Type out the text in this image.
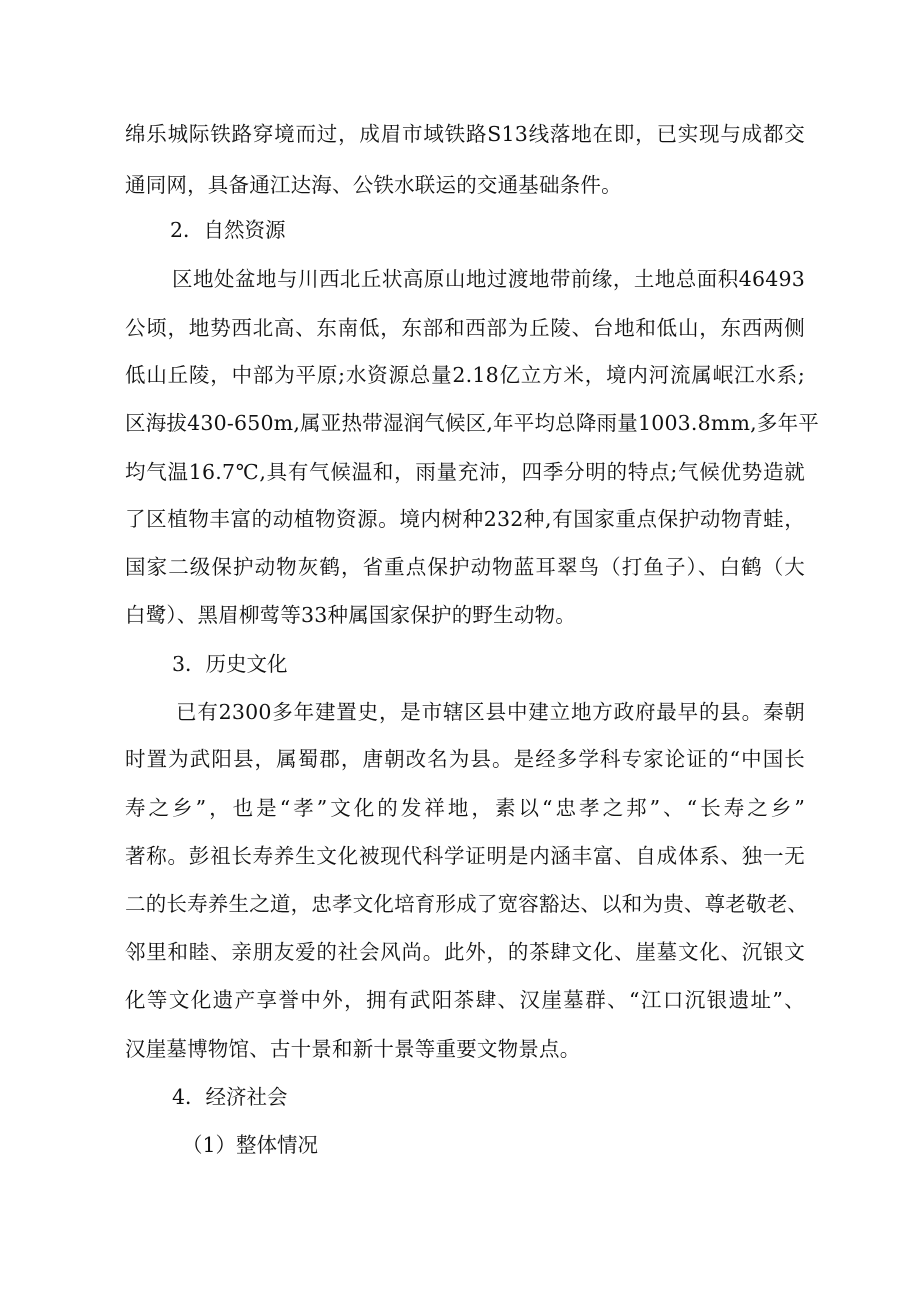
绵乐城际铁路穿境而过，成眉市域铁路S13线落地在即，已实现与成都交
通同网，具备通江达海、公铁水联运的交通基础条件。
2．自然资源
区地处盆地与川西北丘状高原山地过渡地带前缘，土地总面积46493
公顷，地势西北高、东南低，东部和西部为丘陵、台地和低山，东西两侧
低山丘陵，中部为平原;水资源总量2.18亿立方米，境内河流属岷江水系;
区海拔430-650m,属亚热带湿润气候区,年平均总降雨量1003.8mm,多年平
均气温16.7℃,具有气候温和，雨量充沛，四季分明的特点;气候优势造就
了区植物丰富的动植物资源。境内树种232种,有国家重点保护动物青蛙，
国家二级保护动物灰鹤，省重点保护动物蓝耳翠鸟（打鱼子）、白鹤（大
白鹭）、黑眉柳莺等33种属国家保护的野生动物。
3．历史文化
已有2300多年建置史，是市辖区县中建立地方政府最早的县。秦朝
时置为武阳县，属蜀郡，唐朝改名为县。是经多学科专家论证的“中国长
寿之乡”，也是“孝”文化的发祥地，素以“忠孝之邦”、“长寿之乡”
著称。彭祖长寿养生文化被现代科学证明是内涵丰富、自成体系、独一无
二的长寿养生之道，忠孝文化培育形成了宽容豁达、以和为贵、尊老敬老、
邻里和睦、亲朋友爱的社会风尚。此外，的茶肆文化、崖墓文化、沉银文
化等文化遗产享誉中外，拥有武阳茶肆、汉崖墓群、“江口沉银遗址”、
汉崖墓博物馆、古十景和新十景等重要文物景点。
4．经济社会
（1）整体情况
